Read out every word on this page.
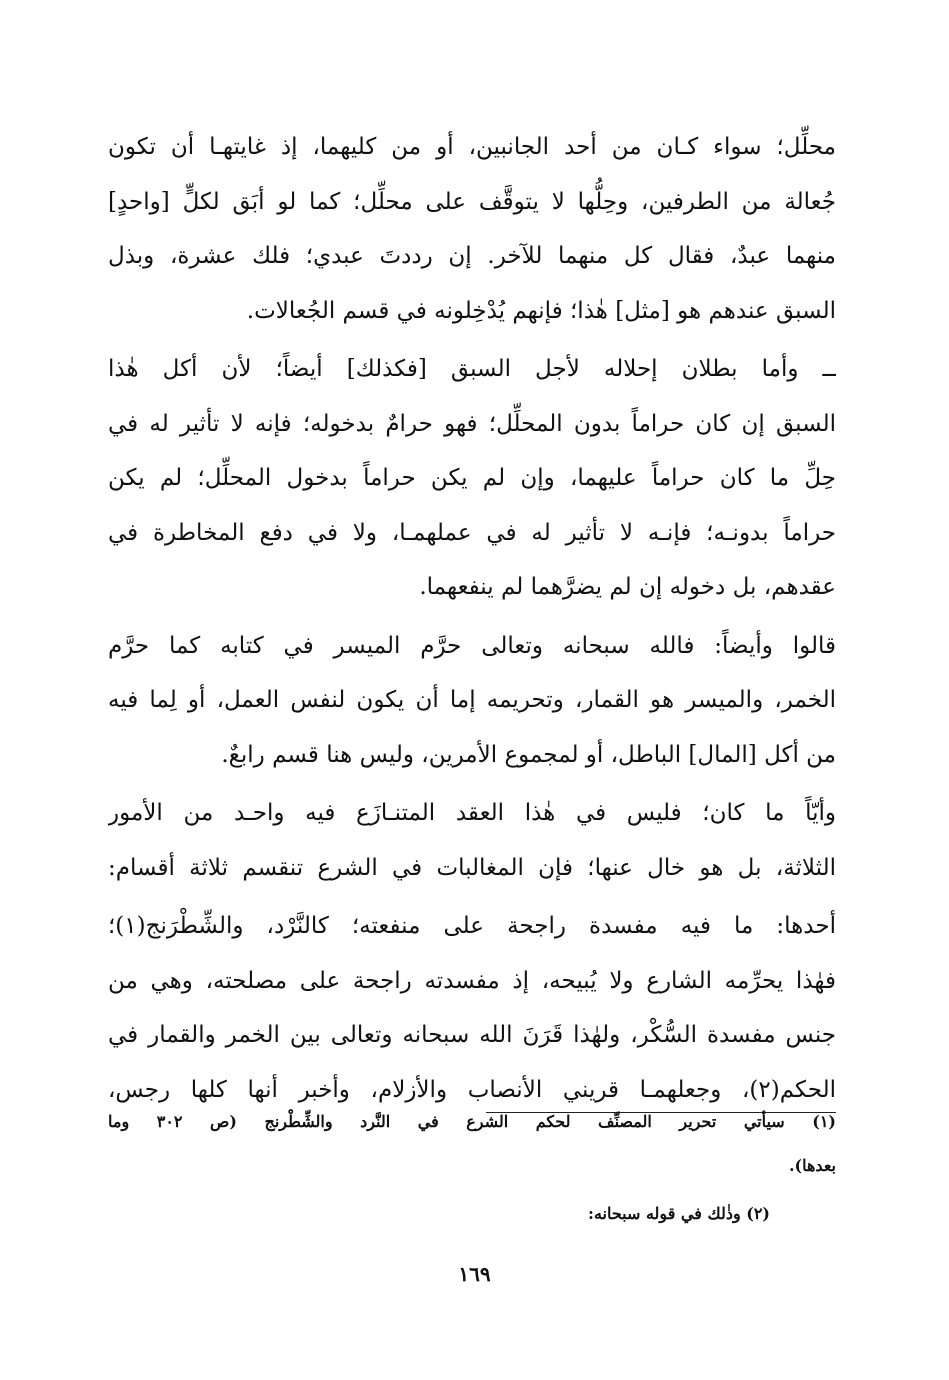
محلِّل؛ سواء كـان من أحد الجانبين، أو من كليهما، إذ غايتهـا أن تكون
جُعالة من الطرفين، وحِلُّها لا يتوقَّف على محلِّل؛ كما لو أبَق لكلٍّ [واحدٍ]
منهما عبدٌ، فقال كل منهما للآخر. إن رددتَ عبدي؛ فلك عشرة، وبذل
السبق عندهم هو [مثل] هٰذا؛ فإنهم يُدْخِلونه في قسم الجُعالات.
ــ وأما بطلان إحلاله لأجل السبق [فكذلك] أيضاً؛ لأن أكل هٰذا
السبق إن كان حراماً بدون المحلِّل؛ فهو حرامٌ بدخوله؛ فإنه لا تأثير له في
حِلِّ ما كان حراماً عليهما، وإن لم يكن حراماً بدخول المحلِّل؛ لم يكن
حراماً بدونـه؛ فإنـه لا تأثير له في عملهمـا، ولا في دفع المخاطرة في
عقدهم، بل دخوله إن لم يضرَّهما لم ينفعهما.
قالوا وأيضاً: فالله سبحانه وتعالى حرَّم الميسر في كتابه كما حرَّم
الخمر، والميسر هو القمار، وتحريمه إما أن يكون لنفس العمل، أو لِما فيه
من أكل [المال] الباطل، أو لمجموع الأمرين، وليس هنا قسم رابعٌ.
وأيّاً ما كان؛ فليس في هٰذا العقد المتنـازَع فيه واحـد من الأمور
الثلاثة، بل هو خال عنها؛ فإن المغالبات في الشرع تنقسم ثلاثة أقسام:
أحدها: ما فيه مفسدة راجحة على منفعته؛ كالنَّرْد، والشِّطْرَنج(١)؛
فهٰذا يحرِّمه الشارع ولا يُبيحه، إذ مفسدته راجحة على مصلحته، وهي من
جنس مفسدة السُّكْر، ولهٰذا قَرَنَ الله سبحانه وتعالى بين الخمر والقمار في
الحكم(٢)، وجعلهمـا قريني الأنصاب والأزلام، وأخبر أنها كلها رجس،
(١) سيأتي تحرير المصنِّف لحكم الشرع في النَّرد والشِّطْرنج (ص ٣٠٢ وما
بعدها).
(٢) وذٰلك في قوله سبحانه:
١٦٩
